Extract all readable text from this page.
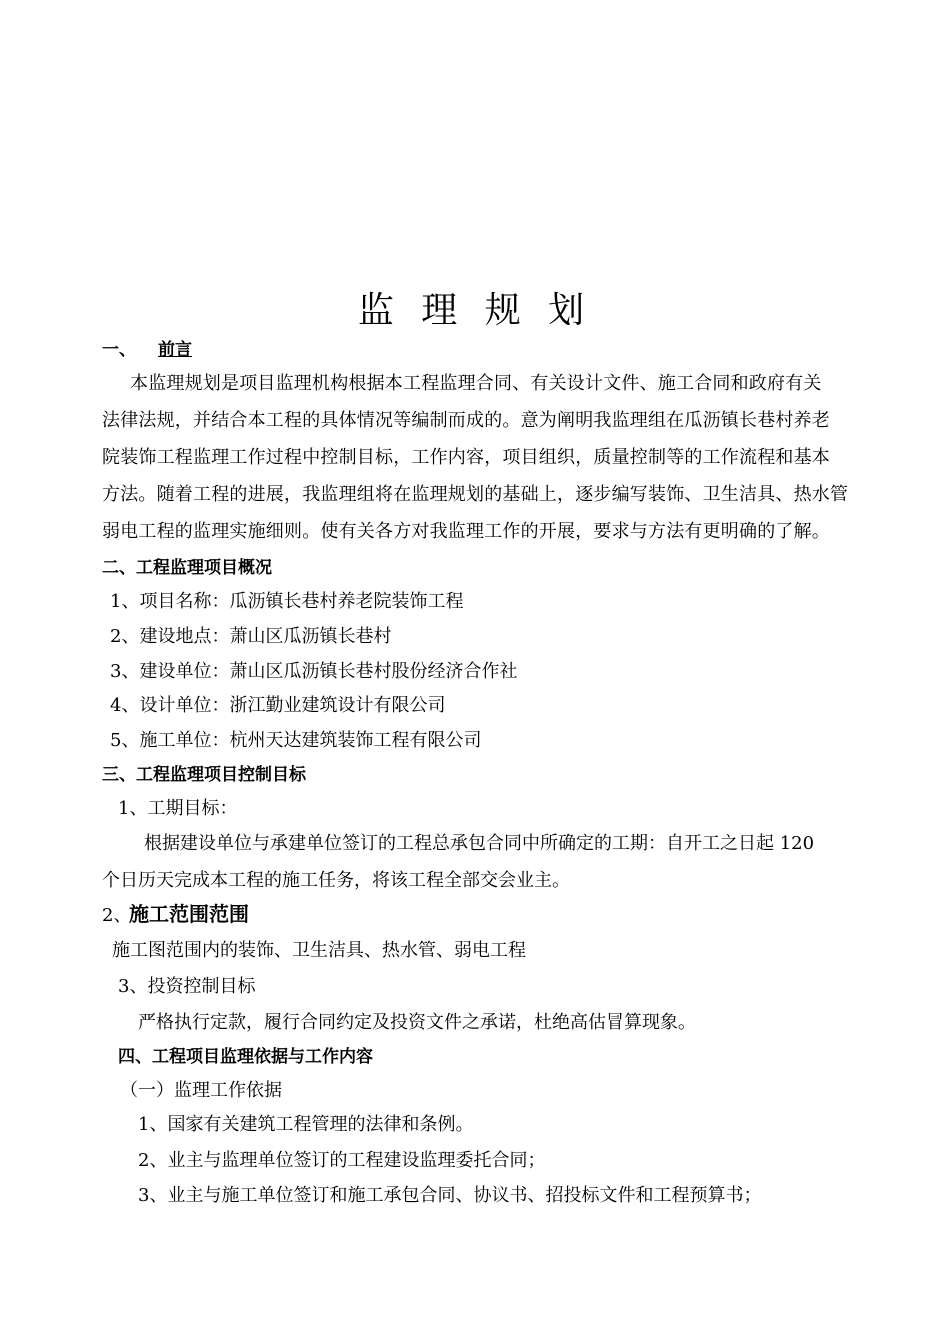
监 理 规 划
一、 前言
本监理规划是项目监理机构根据本工程监理合同、有关设计文件、施工合同和政府有关
法律法规，并结合本工程的具体情况等编制而成的。意为阐明我监理组在瓜沥镇长巷村养老
院装饰工程监理工作过程中控制目标，工作内容，项目组织，质量控制等的工作流程和基本
方法。随着工程的进展，我监理组将在监理规划的基础上，逐步编写装饰、卫生洁具、热水管
弱电工程的监理实施细则。使有关各方对我监理工作的开展，要求与方法有更明确的了解。
二、工程监理项目概况
1、项目名称：瓜沥镇长巷村养老院装饰工程
2、建设地点：萧山区瓜沥镇长巷村
3、建设单位：萧山区瓜沥镇长巷村股份经济合作社
4、设计单位：浙江勤业建筑设计有限公司
5、施工单位：杭州天达建筑装饰工程有限公司
三、工程监理项目控制目标
1、工期目标：
根据建设单位与承建单位签订的工程总承包合同中所确定的工期：自开工之日起 120
个日历天完成本工程的施工任务，将该工程全部交会业主。
2、
施工范围范围
施工图范围内的装饰、卫生洁具、热水管、弱电工程
3、投资控制目标
严格执行定款，履行合同约定及投资文件之承诺，杜绝高估冒算现象。
四、工程项目监理依据与工作内容
（一）监理工作依据
1、国家有关建筑工程管理的法律和条例。
2、业主与监理单位签订的工程建设监理委托合同；
3、业主与施工单位签订和施工承包合同、协议书、招投标文件和工程预算书；
